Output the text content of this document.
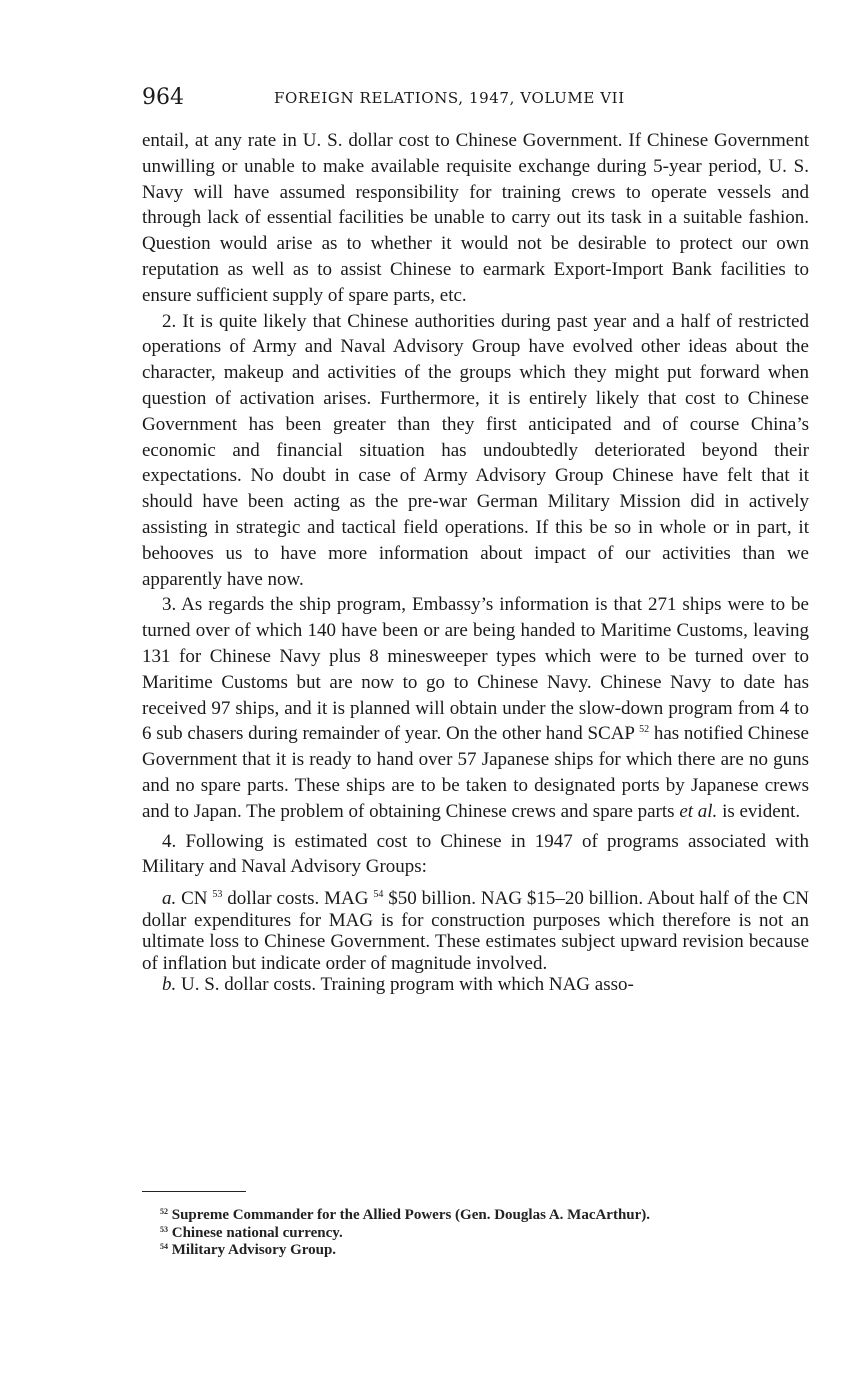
964	FOREIGN RELATIONS, 1947, VOLUME VII

entail, at any rate in U. S. dollar cost to Chinese Government. If Chinese Government unwilling or unable to make available requisite exchange during 5-year period, U. S. Navy will have assumed responsibility for training crews to operate vessels and through lack of essential facilities be unable to carry out its task in a suitable fashion. Question would arise as to whether it would not be desirable to protect our own reputation as well as to assist Chinese to earmark Export-Import Bank facilities to ensure sufficient supply of spare parts, etc.

2. It is quite likely that Chinese authorities during past year and a half of restricted operations of Army and Naval Advisory Group have evolved other ideas about the character, makeup and activities of the groups which they might put forward when question of activation arises. Furthermore, it is entirely likely that cost to Chinese Government has been greater than they first anticipated and of course China’s economic and financial situation has undoubtedly deteriorated beyond their expectations. No doubt in case of Army Advisory Group Chinese have felt that it should have been acting as the pre-war German Military Mission did in actively assisting in strategic and tactical field operations. If this be so in whole or in part, it behooves us to have more information about impact of our activities than we apparently have now.

3. As regards the ship program, Embassy’s information is that 271 ships were to be turned over of which 140 have been or are being handed to Maritime Customs, leaving 131 for Chinese Navy plus 8 minesweeper types which were to be turned over to Maritime Customs but are now to go to Chinese Navy. Chinese Navy to date has received 97 ships, and it is planned will obtain under the slow-down program from 4 to 6 sub chasers during remainder of year. On the other hand SCAP $^{52}$ has notified Chinese Government that it is ready to hand over 57 Japanese ships for which there are no guns and no spare parts. These ships are to be taken to designated ports by Japanese crews and to Japan. The problem of obtaining Chinese crews and spare parts et al. is evident.

4. Following is estimated cost to Chinese in 1947 of programs associated with Military and Naval Advisory Groups:

a. CN $^{53}$ dollar costs. MAG $^{54}$ $50 billion. NAG $15–20 billion. About half of the CN dollar expenditures for MAG is for construction purposes which therefore is not an ultimate loss to Chinese Government. These estimates subject upward revision because of inflation but indicate order of magnitude involved.

b. U. S. dollar costs. Training program with which NAG asso-

$^{52}$ Supreme Commander for the Allied Powers (Gen. Douglas A. MacArthur).
$^{53}$ Chinese national currency.
$^{54}$ Military Advisory Group.
